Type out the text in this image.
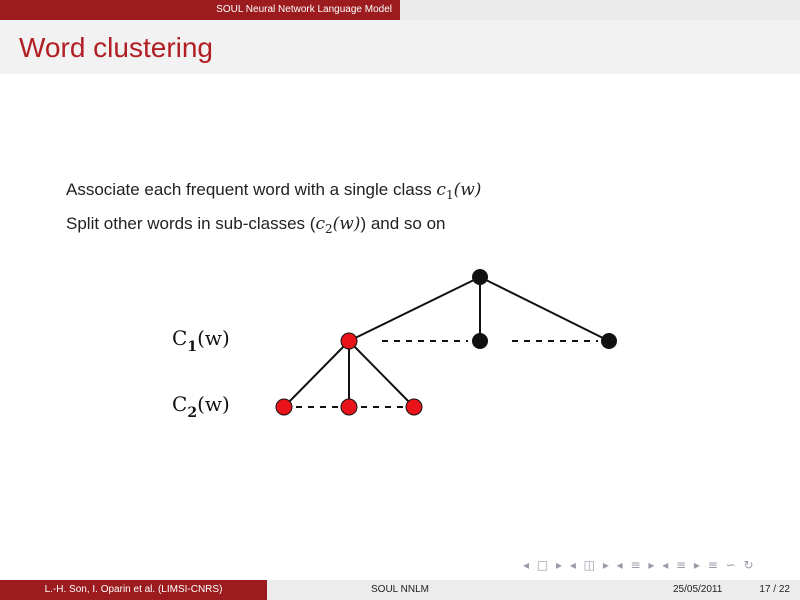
SOUL Neural Network Language Model
Word clustering
Associate each frequent word with a single class $c_1(w)$
Split other words in sub-classes $(c_2(w))$ and so on
$C_1(w)$
$C_2(w)$
◂ □ ▸ ◂ ◫ ▸ ◂ ≡ ▸ ◂ ≡ ▸ ≡ ∽ ↻
L.-H. Son, I. Oparin et al. (LIMSI-CNRS)	SOUL NNLM	25/05/2011	17 / 22
